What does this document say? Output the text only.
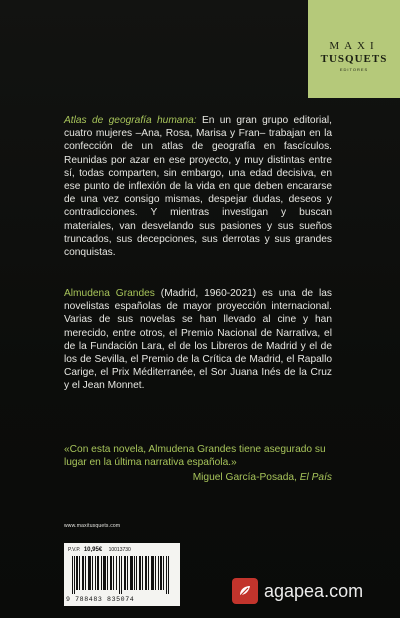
MAXI
TUSQUETS
EDITORES

Atlas de geografía humana: En un gran grupo editorial, cuatro mujeres –Ana, Rosa, Marisa y Fran– trabajan en la confección de un atlas de geografía en fascículos. Reunidas por azar en ese proyecto, y muy distintas entre sí, todas comparten, sin embargo, una edad decisiva, en ese punto de inflexión de la vida en que deben encararse de una vez consigo mismas, despejar dudas, deseos y contradicciones. Y mientras investigan y buscan materiales, van desvelando sus pasiones y sus sueños truncados, sus decepciones, sus derrotas y sus grandes conquistas.

Almudena Grandes (Madrid, 1960-2021) es una de las novelistas españolas de mayor proyección internacional. Varias de sus novelas se han llevado al cine y han merecido, entre otros, el Premio Nacional de Narrativa, el de la Fundación Lara, el de los Libreros de Madrid y el de los de Sevilla, el Premio de la Crítica de Madrid, el Rapallo Carige, el Prix Méditerranée, el Sor Juana Inés de la Cruz y el Jean Monnet.

«Con esta novela, Almudena Grandes tiene asegurado su lugar en la última narrativa española.»
Miguel García-Posada, El País
www.maxitusquets.com
P.V.P. 10,95€ 10013730
9 788483 835074	agapea.com
